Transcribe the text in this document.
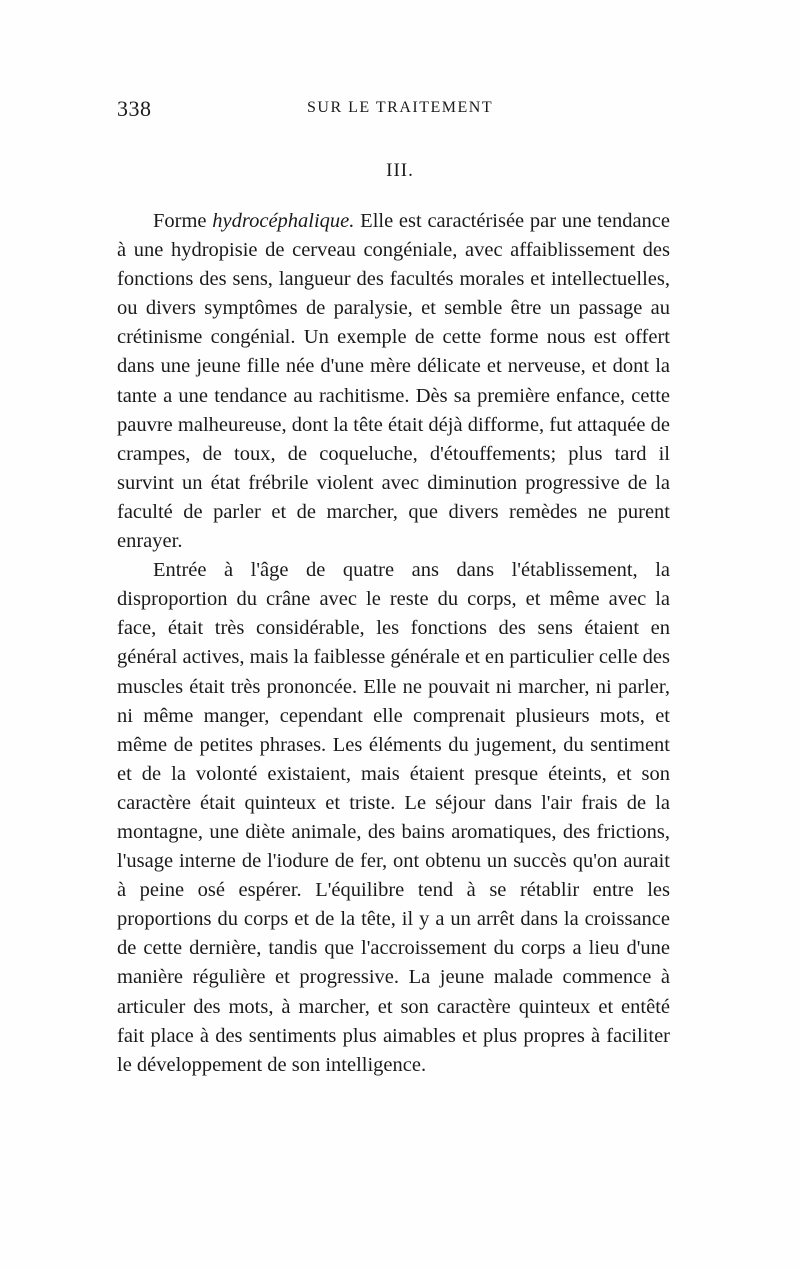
338	SUR LE TRAITEMENT
III.

Forme hydrocéphalique. Elle est caractérisée par une tendance à une hydropisie de cerveau congéniale, avec affaiblissement des fonctions des sens, langueur des facultés morales et intellectuelles, ou divers symptômes de paralysie, et semble être un passage au crétinisme congénial. Un exemple de cette forme nous est offert dans une jeune fille née d'une mère délicate et nerveuse, et dont la tante a une tendance au rachitisme. Dès sa première enfance, cette pauvre malheureuse, dont la tête était déjà difforme, fut attaquée de crampes, de toux, de coqueluche, d'étouffements; plus tard il survint un état frébrile violent avec diminution progressive de la faculté de parler et de marcher, que divers remèdes ne purent enrayer.

Entrée à l'âge de quatre ans dans l'établissement, la disproportion du crâne avec le reste du corps, et même avec la face, était très considérable, les fonctions des sens étaient en général actives, mais la faiblesse générale et en particulier celle des muscles était très prononcée. Elle ne pouvait ni marcher, ni parler, ni même manger, cependant elle comprenait plusieurs mots, et même de petites phrases. Les éléments du jugement, du sentiment et de la volonté existaient, mais étaient presque éteints, et son caractère était quinteux et triste. Le séjour dans l'air frais de la montagne, une diète animale, des bains aromatiques, des frictions, l'usage interne de l'iodure de fer, ont obtenu un succès qu'on aurait à peine osé espérer. L'équilibre tend à se rétablir entre les proportions du corps et de la tête, il y a un arrêt dans la croissance de cette dernière, tandis que l'accroissement du corps a lieu d'une manière régulière et progressive. La jeune malade commence à articuler des mots, à marcher, et son caractère quinteux et entêté fait place à des sentiments plus aimables et plus propres à faciliter le développement de son intelligence.
